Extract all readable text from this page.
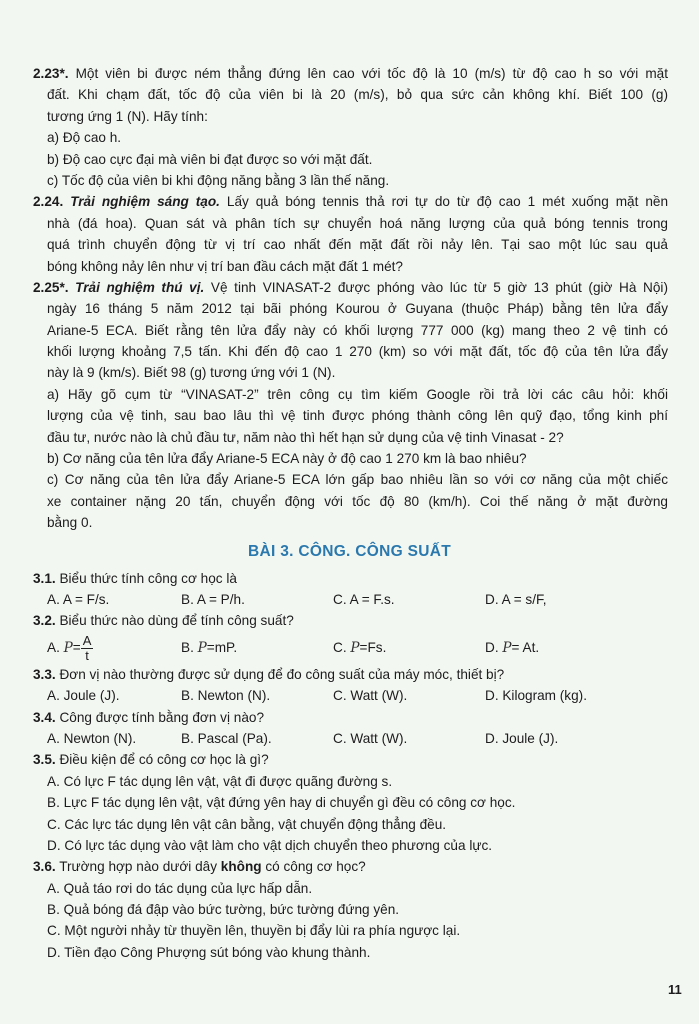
2.23*. Một viên bi được ném thẳng đứng lên cao với tốc độ là 10 (m/s) từ độ cao h so với mặt
đất. Khi chạm đất, tốc độ của viên bi là 20 (m/s), bỏ qua sức cản không khí. Biết 100 (g)
tương ứng 1 (N). Hãy tính:
a) Độ cao h.
b) Độ cao cực đại mà viên bi đạt được so với mặt đất.
c) Tốc độ của viên bi khi động năng bằng 3 lần thế năng.
2.24. Trải nghiệm sáng tạo. Lấy quả bóng tennis thả rơi tự do từ độ cao 1 mét xuống mặt nền
nhà (đá hoa). Quan sát và phân tích sự chuyển hoá năng lượng của quả bóng tennis trong
quá trình chuyển động từ vị trí cao nhất đến mặt đất rồi nảy lên. Tại sao một lúc sau quả
bóng không nảy lên như vị trí ban đầu cách mặt đất 1 mét?
2.25*. Trải nghiệm thú vị. Vệ tinh VINASAT-2 được phóng vào lúc từ 5 giờ 13 phút (giờ Hà Nội)
ngày 16 tháng 5 năm 2012 tại bãi phóng Kourou ở Guyana (thuộc Pháp) bằng tên lửa đẩy
Ariane-5 ECA. Biết rằng tên lửa đẩy này có khối lượng 777 000 (kg) mang theo 2 vệ tinh có
khối lượng khoảng 7,5 tấn. Khi đến độ cao 1 270 (km) so với mặt đất, tốc độ của tên lửa đẩy
này là 9 (km/s). Biết 98 (g) tương ứng với 1 (N).
a) Hãy gõ cụm từ “VINASAT-2” trên công cụ tìm kiếm Google rồi trả lời các câu hỏi: khối
lượng của vệ tinh, sau bao lâu thì vệ tinh được phóng thành công lên quỹ đạo, tổng kinh phí
đầu tư, nước nào là chủ đầu tư, năm nào thì hết hạn sử dụng của vệ tinh Vinasat - 2?
b) Cơ năng của tên lửa đẩy Ariane-5 ECA này ở độ cao 1 270 km là bao nhiêu?
c) Cơ năng của tên lửa đẩy Ariane-5 ECA lớn gấp bao nhiêu lần so với cơ năng của một chiếc
xe container nặng 20 tấn, chuyển động với tốc độ 80 (km/h). Coi thế năng ở mặt đường
bằng 0.
BÀI 3. CÔNG. CÔNG SUẤT
3.1. Biểu thức tính công cơ học là
A. A = F/s.	B. A = P/h.	C. A = F.s.	D. A = s/F,
3.2. Biểu thức nào dùng để tính công suất?
A. $P= \frac{A}{t}$	B. P=mP.	C. P=Fs.	D. P= At.
3.3. Đơn vị nào thường được sử dụng để đo công suất của máy móc, thiết bị?
A. Joule (J).	B. Newton (N).	C. Watt (W).	D. Kilogram (kg).
3.4. Công được tính bằng đơn vị nào?
A. Newton (N).	B. Pascal (Pa).	C. Watt (W).	D. Joule (J).
3.5. Điều kiện để có công cơ học là gì?
A. Có lực F tác dụng lên vật, vật đi được quãng đường s.
B. Lực F tác dụng lên vật, vật đứng yên hay di chuyển gì đều có công cơ học.
C. Các lực tác dụng lên vật cân bằng, vật chuyển động thẳng đều.
D. Có lực tác dụng vào vật làm cho vật dịch chuyển theo phương của lực.
3.6. Trường hợp nào dưới dây không có công cơ học?
A. Quả táo rơi do tác dụng của lực hấp dẫn.
B. Quả bóng đá đập vào bức tường, bức tường đứng yên.
C. Một người nhảy từ thuyền lên, thuyền bị đẩy lùi ra phía ngược lại.
D. Tiền đạo Công Phượng sút bóng vào khung thành.
11
